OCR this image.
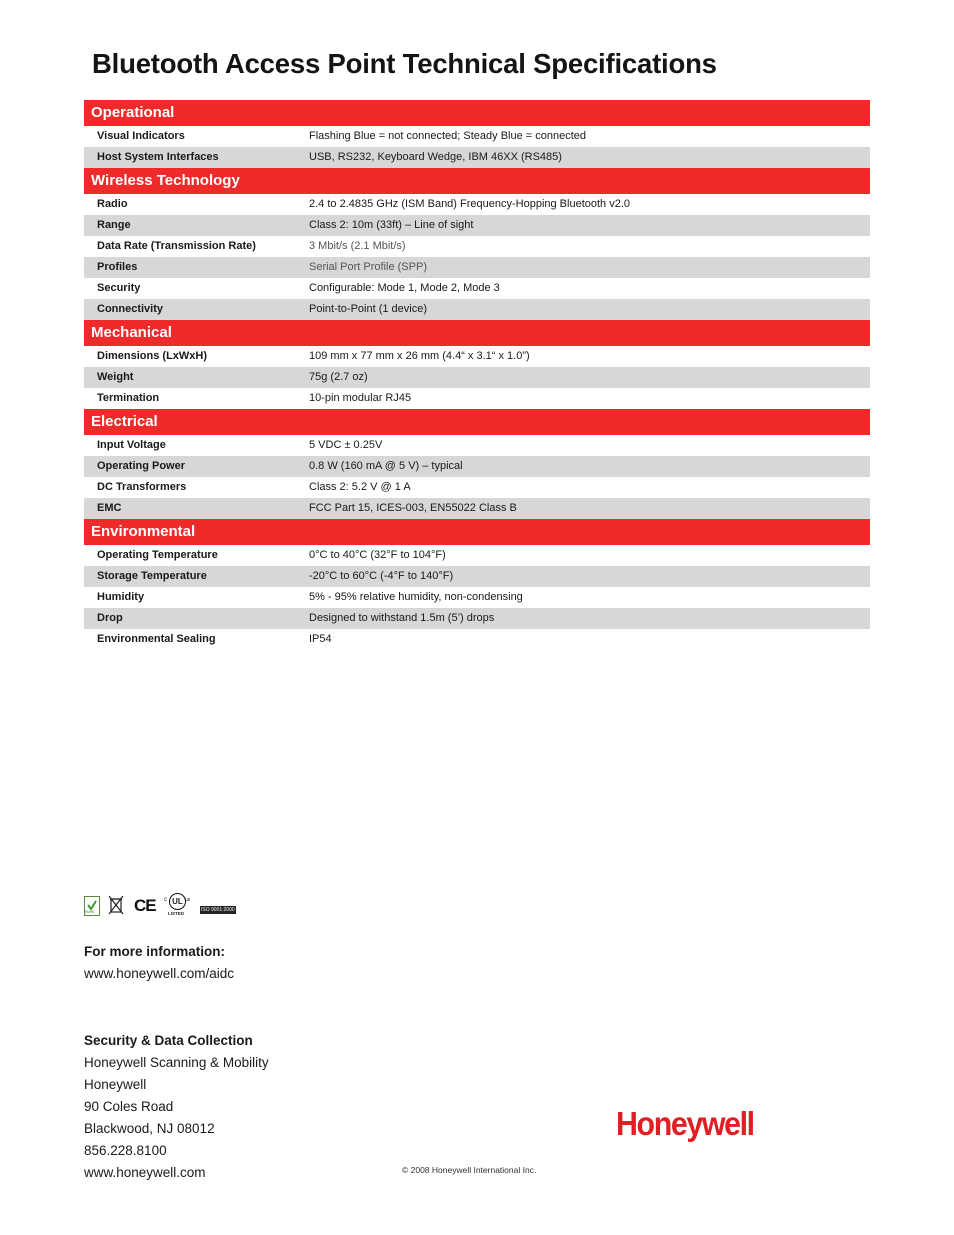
Bluetooth Access Point Technical Specifications
Operational
Visual Indicators	Flashing Blue = not connected; Steady Blue = connected
Host System Interfaces	USB, RS232, Keyboard Wedge, IBM 46XX (RS485)
Wireless Technology
Radio	2.4 to 2.4835 GHz (ISM Band) Frequency-Hopping Bluetooth v2.0
Range	Class 2: 10m (33ft) – Line of sight
Data Rate (Transmission Rate)	3 Mbit/s (2.1 Mbit/s)
Profiles	Serial Port Profile (SPP)
Security	Configurable: Mode 1, Mode 2, Mode 3
Connectivity	Point-to-Point (1 device)
Mechanical
Dimensions (LxWxH)	109 mm x 77 mm x 26 mm (4.4“ x 3.1“ x 1.0”)
Weight	75g (2.7 oz)
Termination	10-pin modular RJ45
Electrical
Input Voltage	5 VDC ± 0.25V
Operating Power	0.8 W (160 mA @ 5 V) – typical
DC Transformers	Class 2: 5.2 V @ 1 A
EMC	FCC Part 15, ICES-003, EN55022 Class B
Environmental
Operating Temperature	0°C to 40°C (32°F to 104°F)
Storage Temperature	-20°C to 60°C (-4°F to 140°F)
Humidity	5% - 95% relative humidity, non-condensing
Drop	Designed to withstand 1.5m (5’) drops
Environmental Sealing	IP54
RoHS CE c UL us
LISTED
ISO 9001:2000
For more information:
www.honeywell.com/aidc
Security & Data Collection
Honeywell Scanning & Mobility
Honeywell
90 Coles Road
Blackwood, NJ 08012
856.228.8100
www.honeywell.com	© 2008 Honeywell International Inc.
Honeywell
